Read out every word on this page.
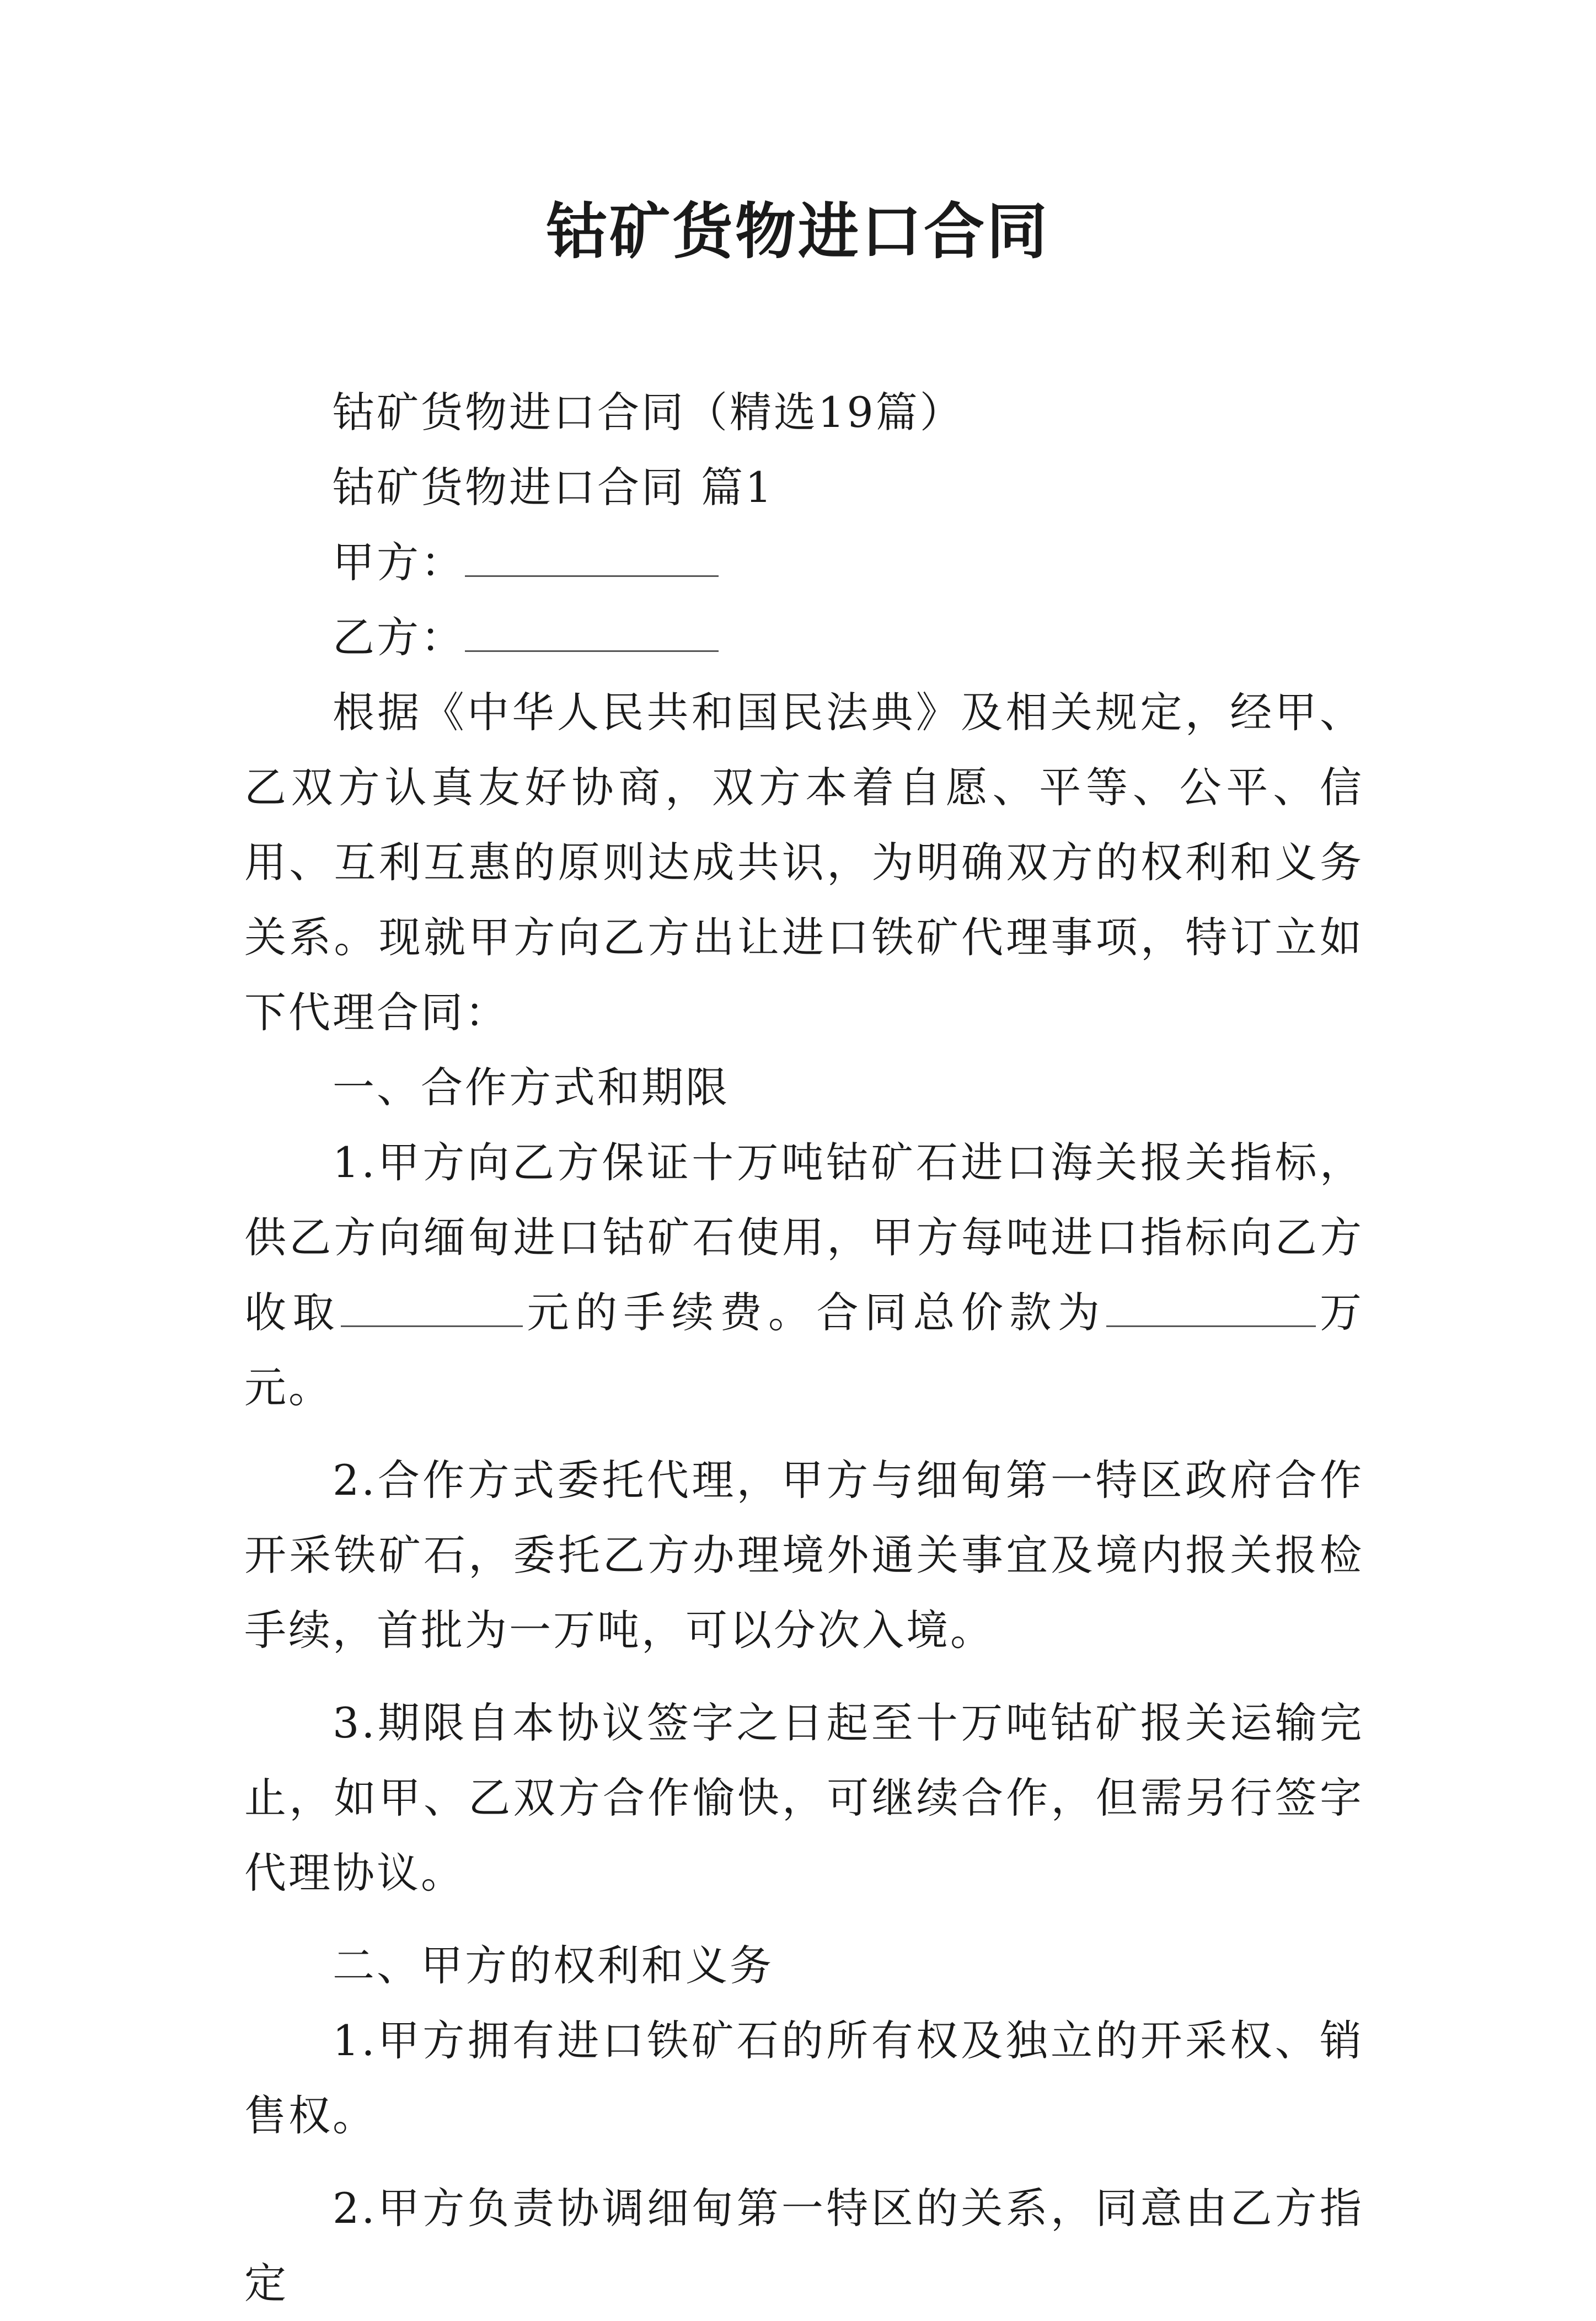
钴矿货物进口合同

钴矿货物进口合同（精选19篇）

钴矿货物进口合同 篇1

甲方：

乙方：

根据《中华人民共和国民法典》及相关规定，经甲、乙双方认真友好协商，双方本着自愿、平等、公平、信用、互利互惠的原则达成共识，为明确双方的权利和义务关系。现就甲方向乙方出让进口铁矿代理事项，特订立如下代理合同：

一、合作方式和期限

1.甲方向乙方保证十万吨钴矿石进口海关报关指标，供乙方向缅甸进口钴矿石使用，甲方每吨进口指标向乙方收取	元的手续费。合同总价款为	万元。

2.合作方式委托代理，甲方与细甸第一特区政府合作开采铁矿石，委托乙方办理境外通关事宜及境内报关报检手续，首批为一万吨，可以分次入境。

3.期限自本协议签字之日起至十万吨钴矿报关运输完止，如甲、乙双方合作愉快，可继续合作，但需另行签字代理协议。

二、甲方的权利和义务

1.甲方拥有进口铁矿石的所有权及独立的开采权、销售权。

2.甲方负责协调细甸第一特区的关系，同意由乙方指定
